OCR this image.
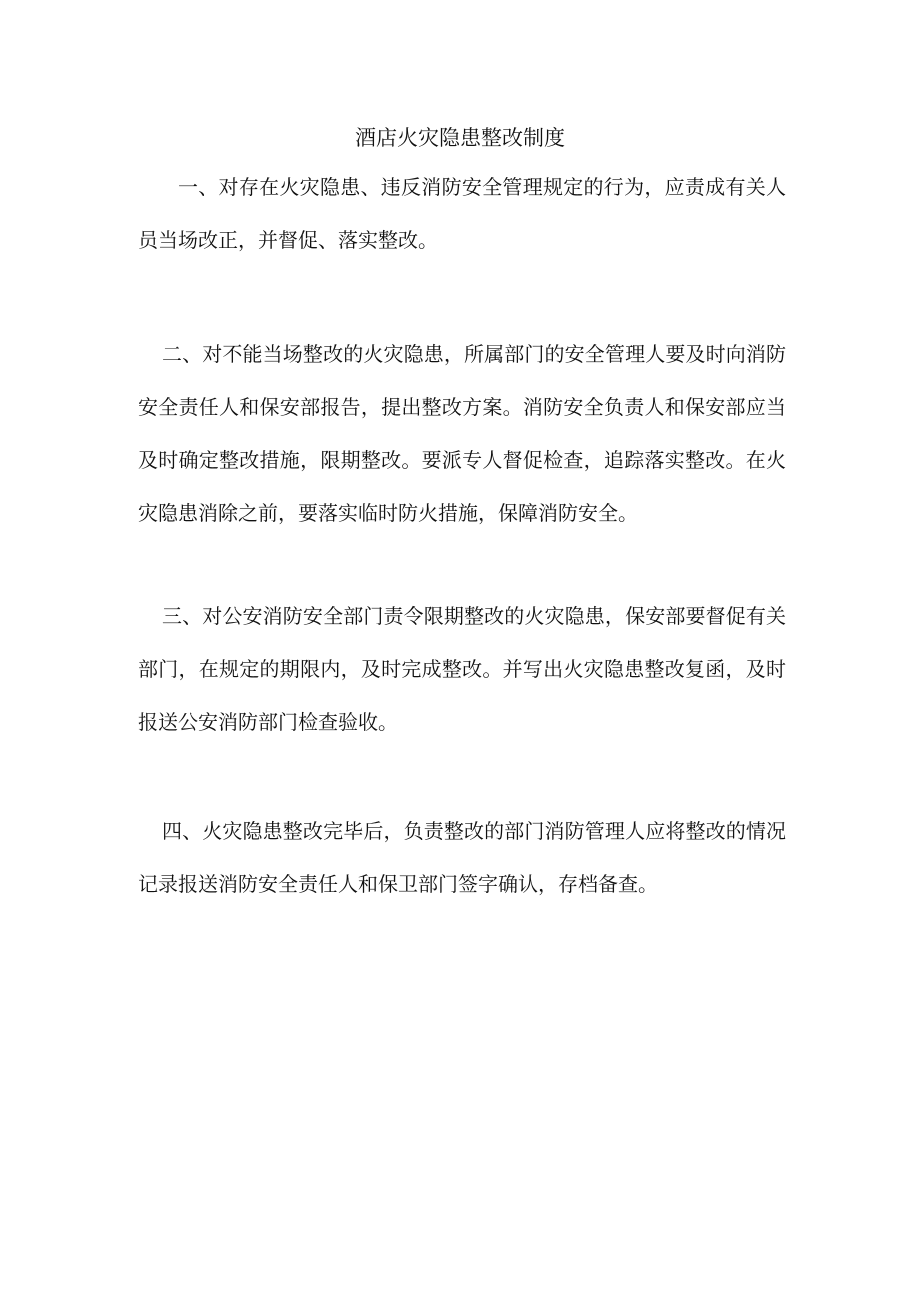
酒店火灾隐患整改制度

一、对存在火灾隐患、违反消防安全管理规定的行为，应责成有关人员当场改正，并督促、落实整改。

二、对不能当场整改的火灾隐患，所属部门的安全管理人要及时向消防安全责任人和保安部报告，提出整改方案。消防安全负责人和保安部应当及时确定整改措施，限期整改。要派专人督促检查，追踪落实整改。在火灾隐患消除之前，要落实临时防火措施，保障消防安全。

三、对公安消防安全部门责令限期整改的火灾隐患，保安部要督促有关部门，在规定的期限内，及时完成整改。并写出火灾隐患整改复函，及时报送公安消防部门检查验收。

四、火灾隐患整改完毕后，负责整改的部门消防管理人应将整改的情况记录报送消防安全责任人和保卫部门签字确认，存档备查。
